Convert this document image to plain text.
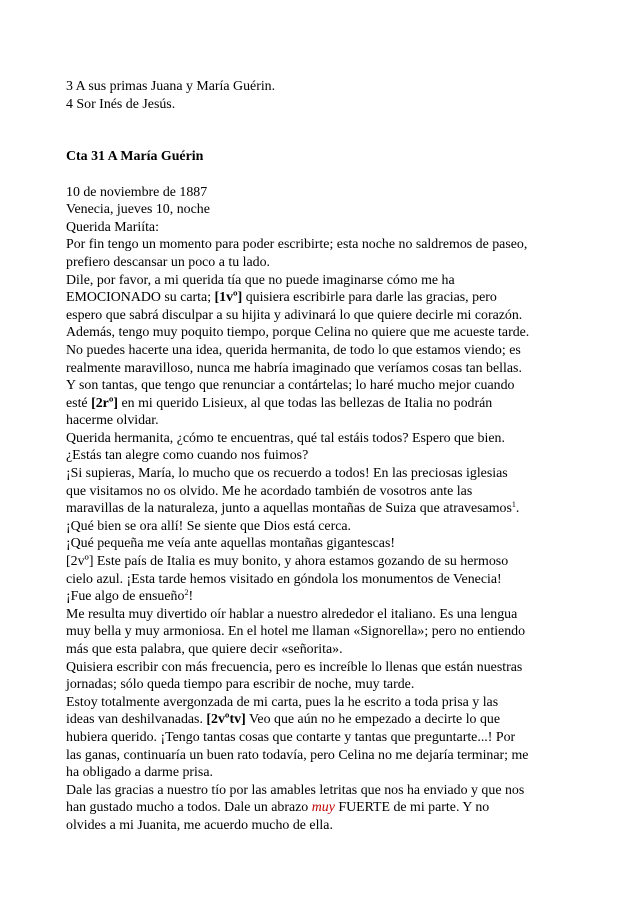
3 A sus primas Juana y María Guérin.

4 Sor Inés de Jesús.

Cta 31 A María Guérin

10 de noviembre de 1887

Venecia, jueves 10, noche

Querida Mariíta:

Por fin tengo un momento para poder escribirte; esta noche no saldremos de paseo,

prefiero descansar un poco a tu lado.

Dile, por favor, a mi querida tía que no puede imaginarse cómo me ha

EMOCIONADO su carta; [1vº] quisiera escribirle para darle las gracias, pero

espero que sabrá disculpar a su hijita y adivinará lo que quiere decirle mi corazón.

Además, tengo muy poquito tiempo, porque Celina no quiere que me acueste tarde.

No puedes hacerte una idea, querida hermanita, de todo lo que estamos viendo; es

realmente maravilloso, nunca me habría imaginado que veríamos cosas tan bellas.

Y son tantas, que tengo que renunciar a contártelas; lo haré mucho mejor cuando

esté [2rº] en mi querido Lisieux, al que todas las bellezas de Italia no podrán

hacerme olvidar.

Querida hermanita, ¿cómo te encuentras, qué tal estáis todos? Espero que bien.

¿Estás tan alegre como cuando nos fuimos?

¡Si supieras, María, lo mucho que os recuerdo a todos! En las preciosas iglesias

que visitamos no os olvido. Me he acordado también de vosotros ante las

maravillas de la naturaleza, junto a aquellas montañas de Suiza que atravesamos$^1$.

¡Qué bien se ora allí! Se siente que Dios está cerca.

¡Qué pequeña me veía ante aquellas montañas gigantescas!

[2vº] Este país de Italia es muy bonito, y ahora estamos gozando de su hermoso

cielo azul. ¡Esta tarde hemos visitado en góndola los monumentos de Venecia!

¡Fue algo de ensueño$^2$!

Me resulta muy divertido oír hablar a nuestro alrededor el italiano. Es una lengua

muy bella y muy armoniosa. En el hotel me llaman «Signorella»; pero no entiendo

más que esta palabra, que quiere decir «señorita».

Quisiera escribir con más frecuencia, pero es increíble lo llenas que están nuestras

jornadas; sólo queda tiempo para escribir de noche, muy tarde.

Estoy totalmente avergonzada de mi carta, pues la he escrito a toda prisa y las

ideas van deshilvanadas. [2vºtv] Veo que aún no he empezado a decirte lo que

hubiera querido. ¡Tengo tantas cosas que contarte y tantas que preguntarte...! Por

las ganas, continuaría un buen rato todavía, pero Celina no me dejaría terminar; me

ha obligado a darme prisa.

Dale las gracias a nuestro tío por las amables letritas que nos ha enviado y que nos

han gustado mucho a todos. Dale un abrazo muy FUERTE de mi parte. Y no

olvides a mi Juanita, me acuerdo mucho de ella.
